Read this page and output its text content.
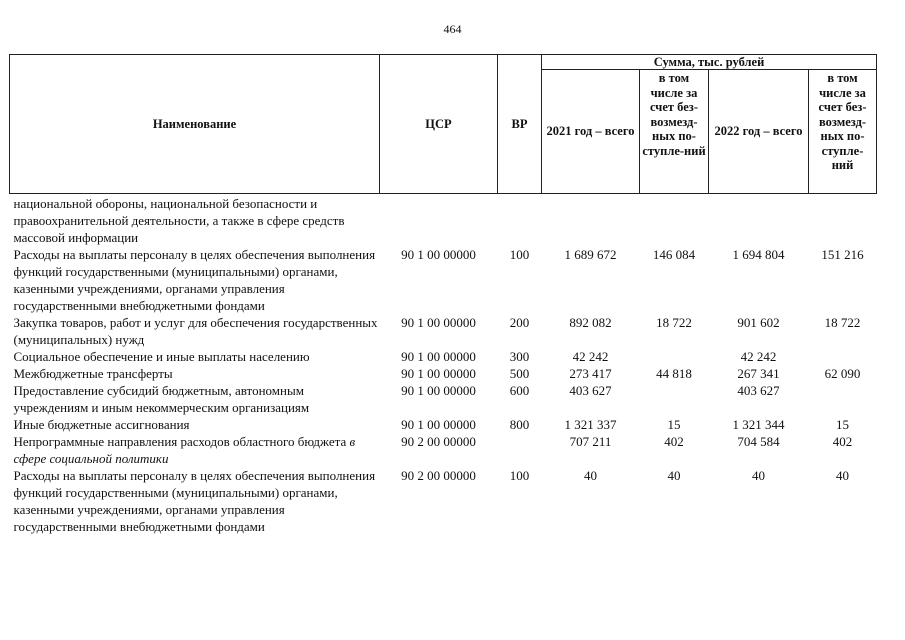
464
Наименование	ЦСР	ВР	Сумма, тыс. рублей			
			2021 год – всего	в том числе за счет без-возмезд-ных по-ступле-ний	2022 год – всего	в том числе за счет без-возмезд-ных по-ступле-ний
национальной обороны, национальной безопасности и правоохранительной деятельности, а также в сфере средств массовой информации						
Расходы на выплаты персоналу в целях обеспечения выполнения функций государственными (муниципальными) органами, казенными учреждениями, органами управления государственными внебюджетными фондами	90 1 00 00000	100	1 689 672	146 084	1 694 804	151 216
Закупка товаров, работ и услуг для обеспечения государственных (муниципальных) нужд	90 1 00 00000	200	892 082	18 722	901 602	18 722
Социальное обеспечение и иные выплаты населению	90 1 00 00000	300	42 242		42 242	
Межбюджетные трансферты	90 1 00 00000	500	273 417	44 818	267 341	62 090
Предоставление субсидий бюджетным, автономным учреждениям и иным некоммерческим организациям	90 1 00 00000	600	403 627		403 627	
Иные бюджетные ассигнования	90 1 00 00000	800	1 321 337	15	1 321 344	15
Непрограммные направления расходов областного бюджета в сфере социальной политики	90 2 00 00000		707 211	402	704 584	402
Расходы на выплаты персоналу в целях обеспечения выполнения функций государственными (муниципальными) органами, казенными учреждениями, органами управления государственными внебюджетными фондами	90 2 00 00000	100	40	40	40	40
